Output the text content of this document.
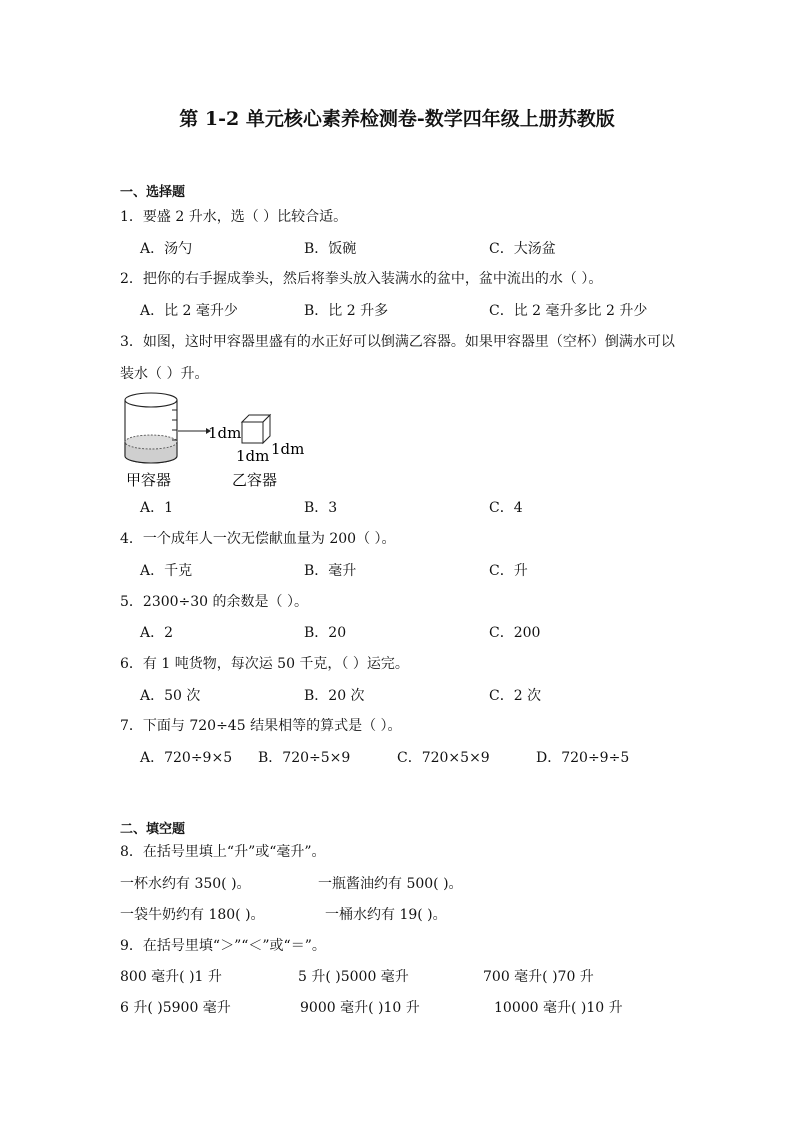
第 1-2 单元核心素养检测卷-数学四年级上册苏教版
一、选择题
1．要盛 2 升水，选（ ）比较合适。
A．汤勺	B．饭碗	C．大汤盆
2．把你的右手握成拳头，然后将拳头放入装满水的盆中，盆中流出的水（ ）。
A．比 2 毫升少	B．比 2 升多	C．比 2 毫升多比 2 升少
3．如图，这时甲容器里盛有的水正好可以倒满乙容器。如果甲容器里（空杯）倒满水可以
装水（ ）升。
1dm
1dm 1dm
甲容器	乙容器
A．1	B．3	C．4
4．一个成年人一次无偿献血量为 200（ ）。
A．千克	B．毫升	C．升
5．2300÷30 的余数是（ ）。
A．2	B．20	C．200
6．有 1 吨货物，每次运 50 千克，（ ）运完。
A．50 次	B．20 次	C．2 次
7．下面与 720÷45 结果相等的算式是（ ）。
A．720÷9×5 B．720÷5×9	C．720×5×9	D．720÷9÷5
二、填空题
8．在括号里填上“升”或“毫升”。
一杯水约有 350( )。	一瓶酱油约有 500( )。
一袋牛奶约有 180( )。	一桶水约有 19( )。
9．在括号里填“＞”“＜”或“＝”。
800 毫升( )1 升	5 升( )5000 毫升	700 毫升( )70 升
6 升( )5900 毫升	9000 毫升( )10 升	10000 毫升( )10 升
